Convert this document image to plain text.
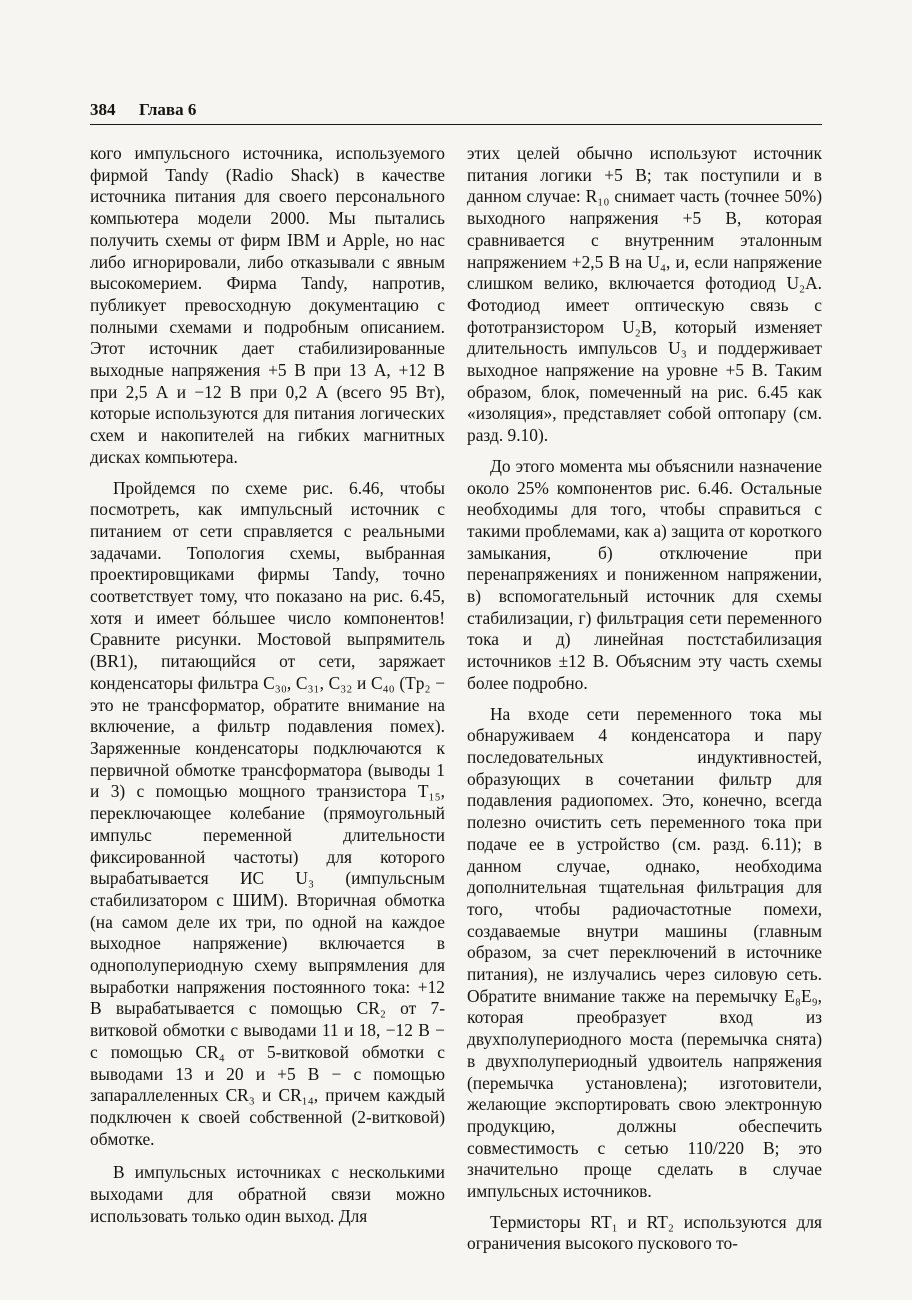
384 Глава 6

кого импульсного источника, используемого фирмой Tandy (Radio Shack) в качестве источника питания для своего персонального компьютера модели 2000. Мы пытались получить схемы от фирм IBM и Apple, но нас либо игнорировали, либо отказывали с явным высокомерием. Фирма Tandy, напротив, публикует превосходную документацию с полными схемами и подробным описанием. Этот источник дает стабилизированные выходные напряжения +5 В при 13 А, +12 В при 2,5 А и −12 В при 0,2 А (всего 95 Вт), которые используются для питания логических схем и накопителей на гибких магнитных дисках компьютера.

Пройдемся по схеме рис. 6.46, чтобы посмотреть, как импульсный источник с питанием от сети справляется с реальными задачами. Топология схемы, выбранная проектировщиками фирмы Tandy, точно соответствует тому, что показано на рис. 6.45, хотя и имеет бóльшее число компонентов! Сравните рисунки. Мостовой выпрямитель (BR1), питающийся от сети, заряжает конденсаторы фильтра C₃₀, C₃₁, C₃₂ и C₄₀ (Tp₂ − это не трансформатор, обратите внимание на включение, а фильтр подавления помех). Заряженные конденсаторы подключаются к первичной обмотке трансформатора (выводы 1 и 3) с помощью мощного транзистора T₁₅, переключающее колебание (прямоугольный импульс переменной длительности фиксированной частоты) для которого вырабатывается ИС U₃ (импульсным стабилизатором с ШИМ). Вторичная обмотка (на самом деле их три, по одной на каждое выходное напряжение) включается в однополупериодную схему выпрямления для выработки напряжения постоянного тока: +12 В вырабатывается с помощью CR₂ от 7-витковой обмотки с выводами 11 и 18, −12 В − с помощью CR₄ от 5-витковой обмотки с выводами 13 и 20 и +5 В − с помощью запараллеленных CR₃ и CR₁₄, причем каждый подключен к своей собственной (2-витковой) обмотке.

В импульсных источниках с несколькими выходами для обратной связи можно использовать только один выход. Для

этих целей обычно используют источник питания логики +5 В; так поступили и в данном случае: R₁₀ снимает часть (точнее 50%) выходного напряжения +5 В, которая сравнивается с внутренним эталонным напряжением +2,5 В на U₄, и, если напряжение слишком велико, включается фотодиод U₂A. Фотодиод имеет оптическую связь с фототранзистором U₂B, который изменяет длительность импульсов U₃ и поддерживает выходное напряжение на уровне +5 В. Таким образом, блок, помеченный на рис. 6.45 как «изоляция», представляет собой оптопару (см. разд. 9.10).

До этого момента мы объяснили назначение около 25% компонентов рис. 6.46. Остальные необходимы для того, чтобы справиться с такими проблемами, как а) защита от короткого замыкания, б) отключение при перенапряжениях и пониженном напряжении, в) вспомогательный источник для схемы стабилизации, г) фильтрация сети переменного тока и д) линейная постстабилизация источников ±12 В. Объясним эту часть схемы более подробно.

На входе сети переменного тока мы обнаруживаем 4 конденсатора и пару последовательных индуктивностей, образующих в сочетании фильтр для подавления радиопомех. Это, конечно, всегда полезно очистить сеть переменного тока при подаче ее в устройство (см. разд. 6.11); в данном случае, однако, необходима дополнительная тщательная фильтрация для того, чтобы радиочастотные помехи, создаваемые внутри машины (главным образом, за счет переключений в источнике питания), не излучались через силовую сеть. Обратите внимание также на перемычку E₈E₉, которая преобразует вход из двухполупериодного моста (перемычка снята) в двухполупериодный удвоитель напряжения (перемычка установлена); изготовители, желающие экспортировать свою электронную продукцию, должны обеспечить совместимость с сетью 110/220 В; это значительно проще сделать в случае импульсных источников.

Термисторы RT₁ и RT₂ используются для ограничения высокого пускового то-
